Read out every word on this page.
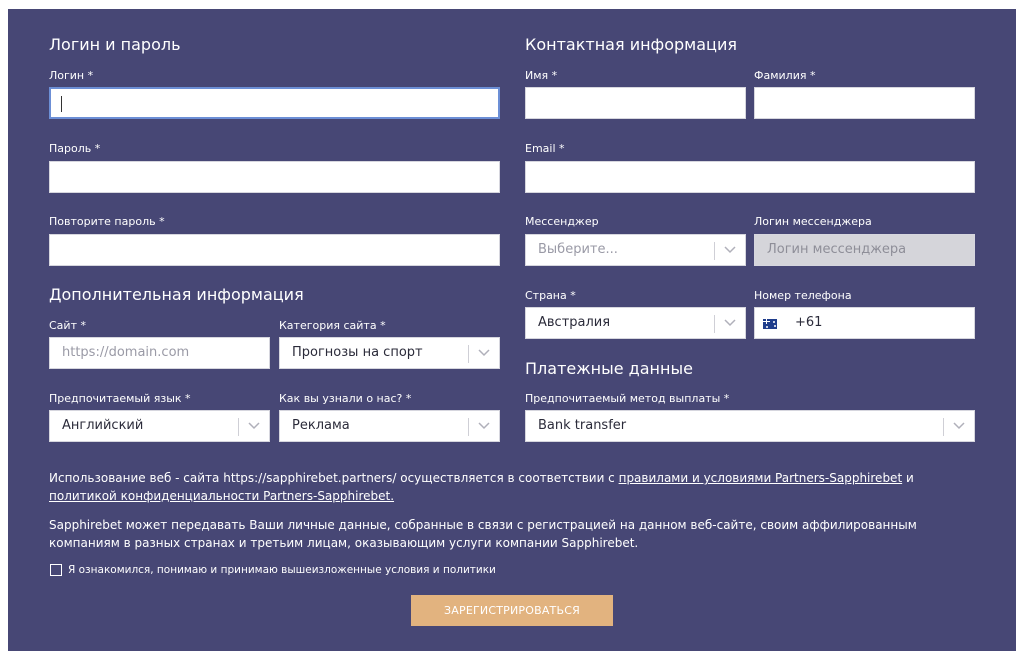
Логин и пароль
Логин *
Пароль *
Повторите пароль *
Дополнительная информация
Сайт *
https://domain.com
Категория сайта *
Прогнозы на спорт
Предпочитаемый язык *
Английский
Как вы узнали о нас? *
Реклама
Контактная информация
Имя *	Фамилия *
Email *
Мессенджер
Выберите...
Логин мессенджера
Логин мессенджера
Страна *
Австралия
Номер телефона
+61
Платежные данные
Предпочитаемый метод выплаты *
Bank transfer
Использование веб - сайта https://sapphirebet.partners/ осуществляется в соответствии с правилами и условиями Partners-Sapphirebet и
политикой конфиденциальности Partners-Sapphirebet.
Sapphirebet может передавать Ваши личные данные, собранные в связи с регистрацией на данном веб-сайте, своим аффилированным компаниям в разных странах и третьим лицам, оказывающим услуги компании Sapphirebet.
Я ознакомился, понимаю и принимаю вышеизложенные условия и политики
ЗАРЕГИСТРИРОВАТЬСЯ
